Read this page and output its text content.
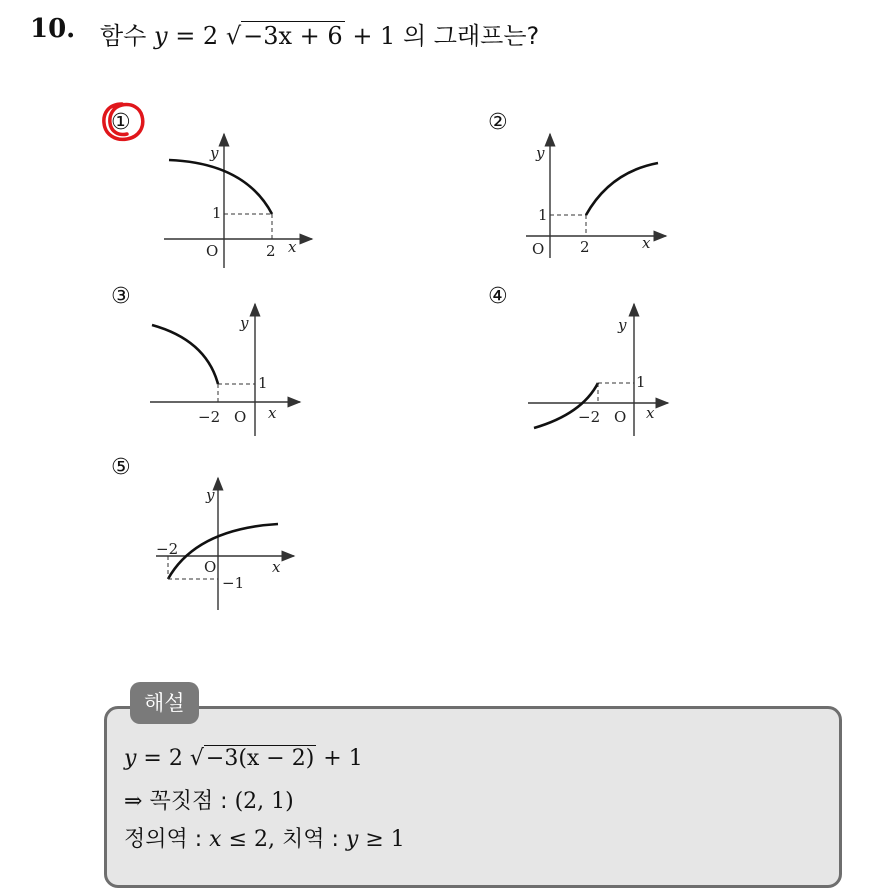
10. 함수 y = 2 √−3x + 6 + 1 의 그래프는?
①	②
③	④
⑤
y
x
O
1
2
y
x
O
1
2
y
x
O
1
−2
y
x
O
1
−2
y
x
O
−1
−2
해설
y = 2 √−3(x − 2) + 1
⇒ 꼭짓점 : (2, 1)
정의역 : x ≤ 2, 치역 : y ≥ 1
